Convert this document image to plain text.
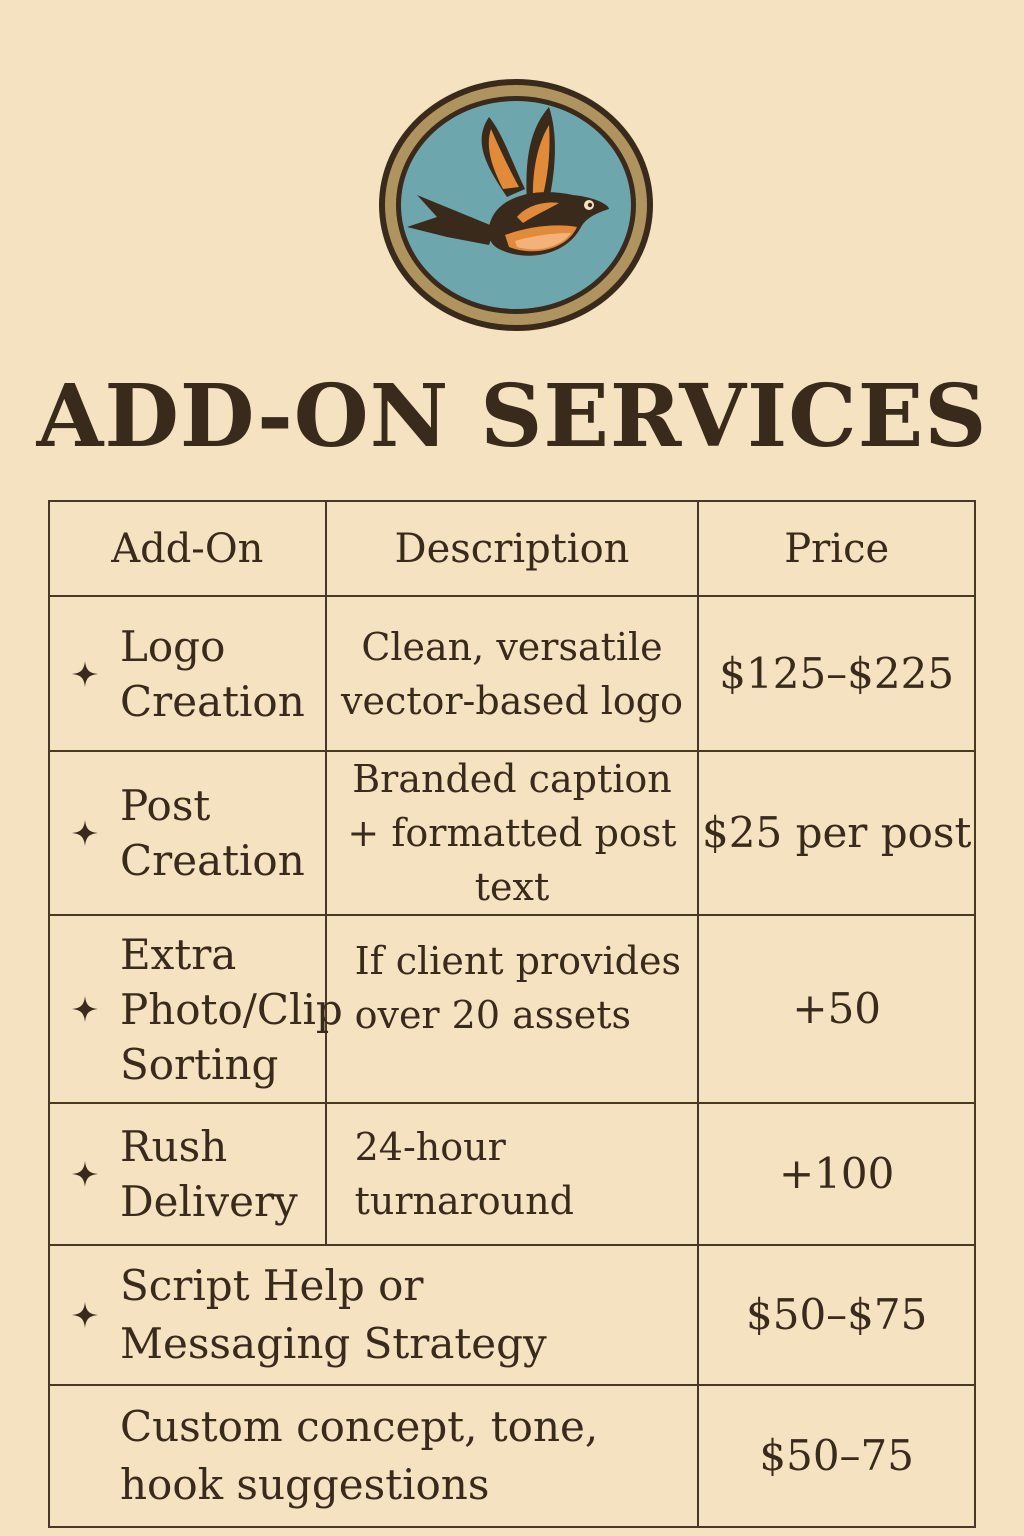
ADD-ON SERVICES
Add-On	Description	Price

Logo Creation	Clean, versatile vector-based logo	$125–$225

Post Creation	Branded caption + formatted post text	$25 per post

Extra Photo/Clip Sorting	If client provides over 20 assets	+50

Rush Delivery	24-hour turnaround	+100

Script Help or Messaging Strategy		$50–$75
Custom concept, tone, hook suggestions		$50–75
